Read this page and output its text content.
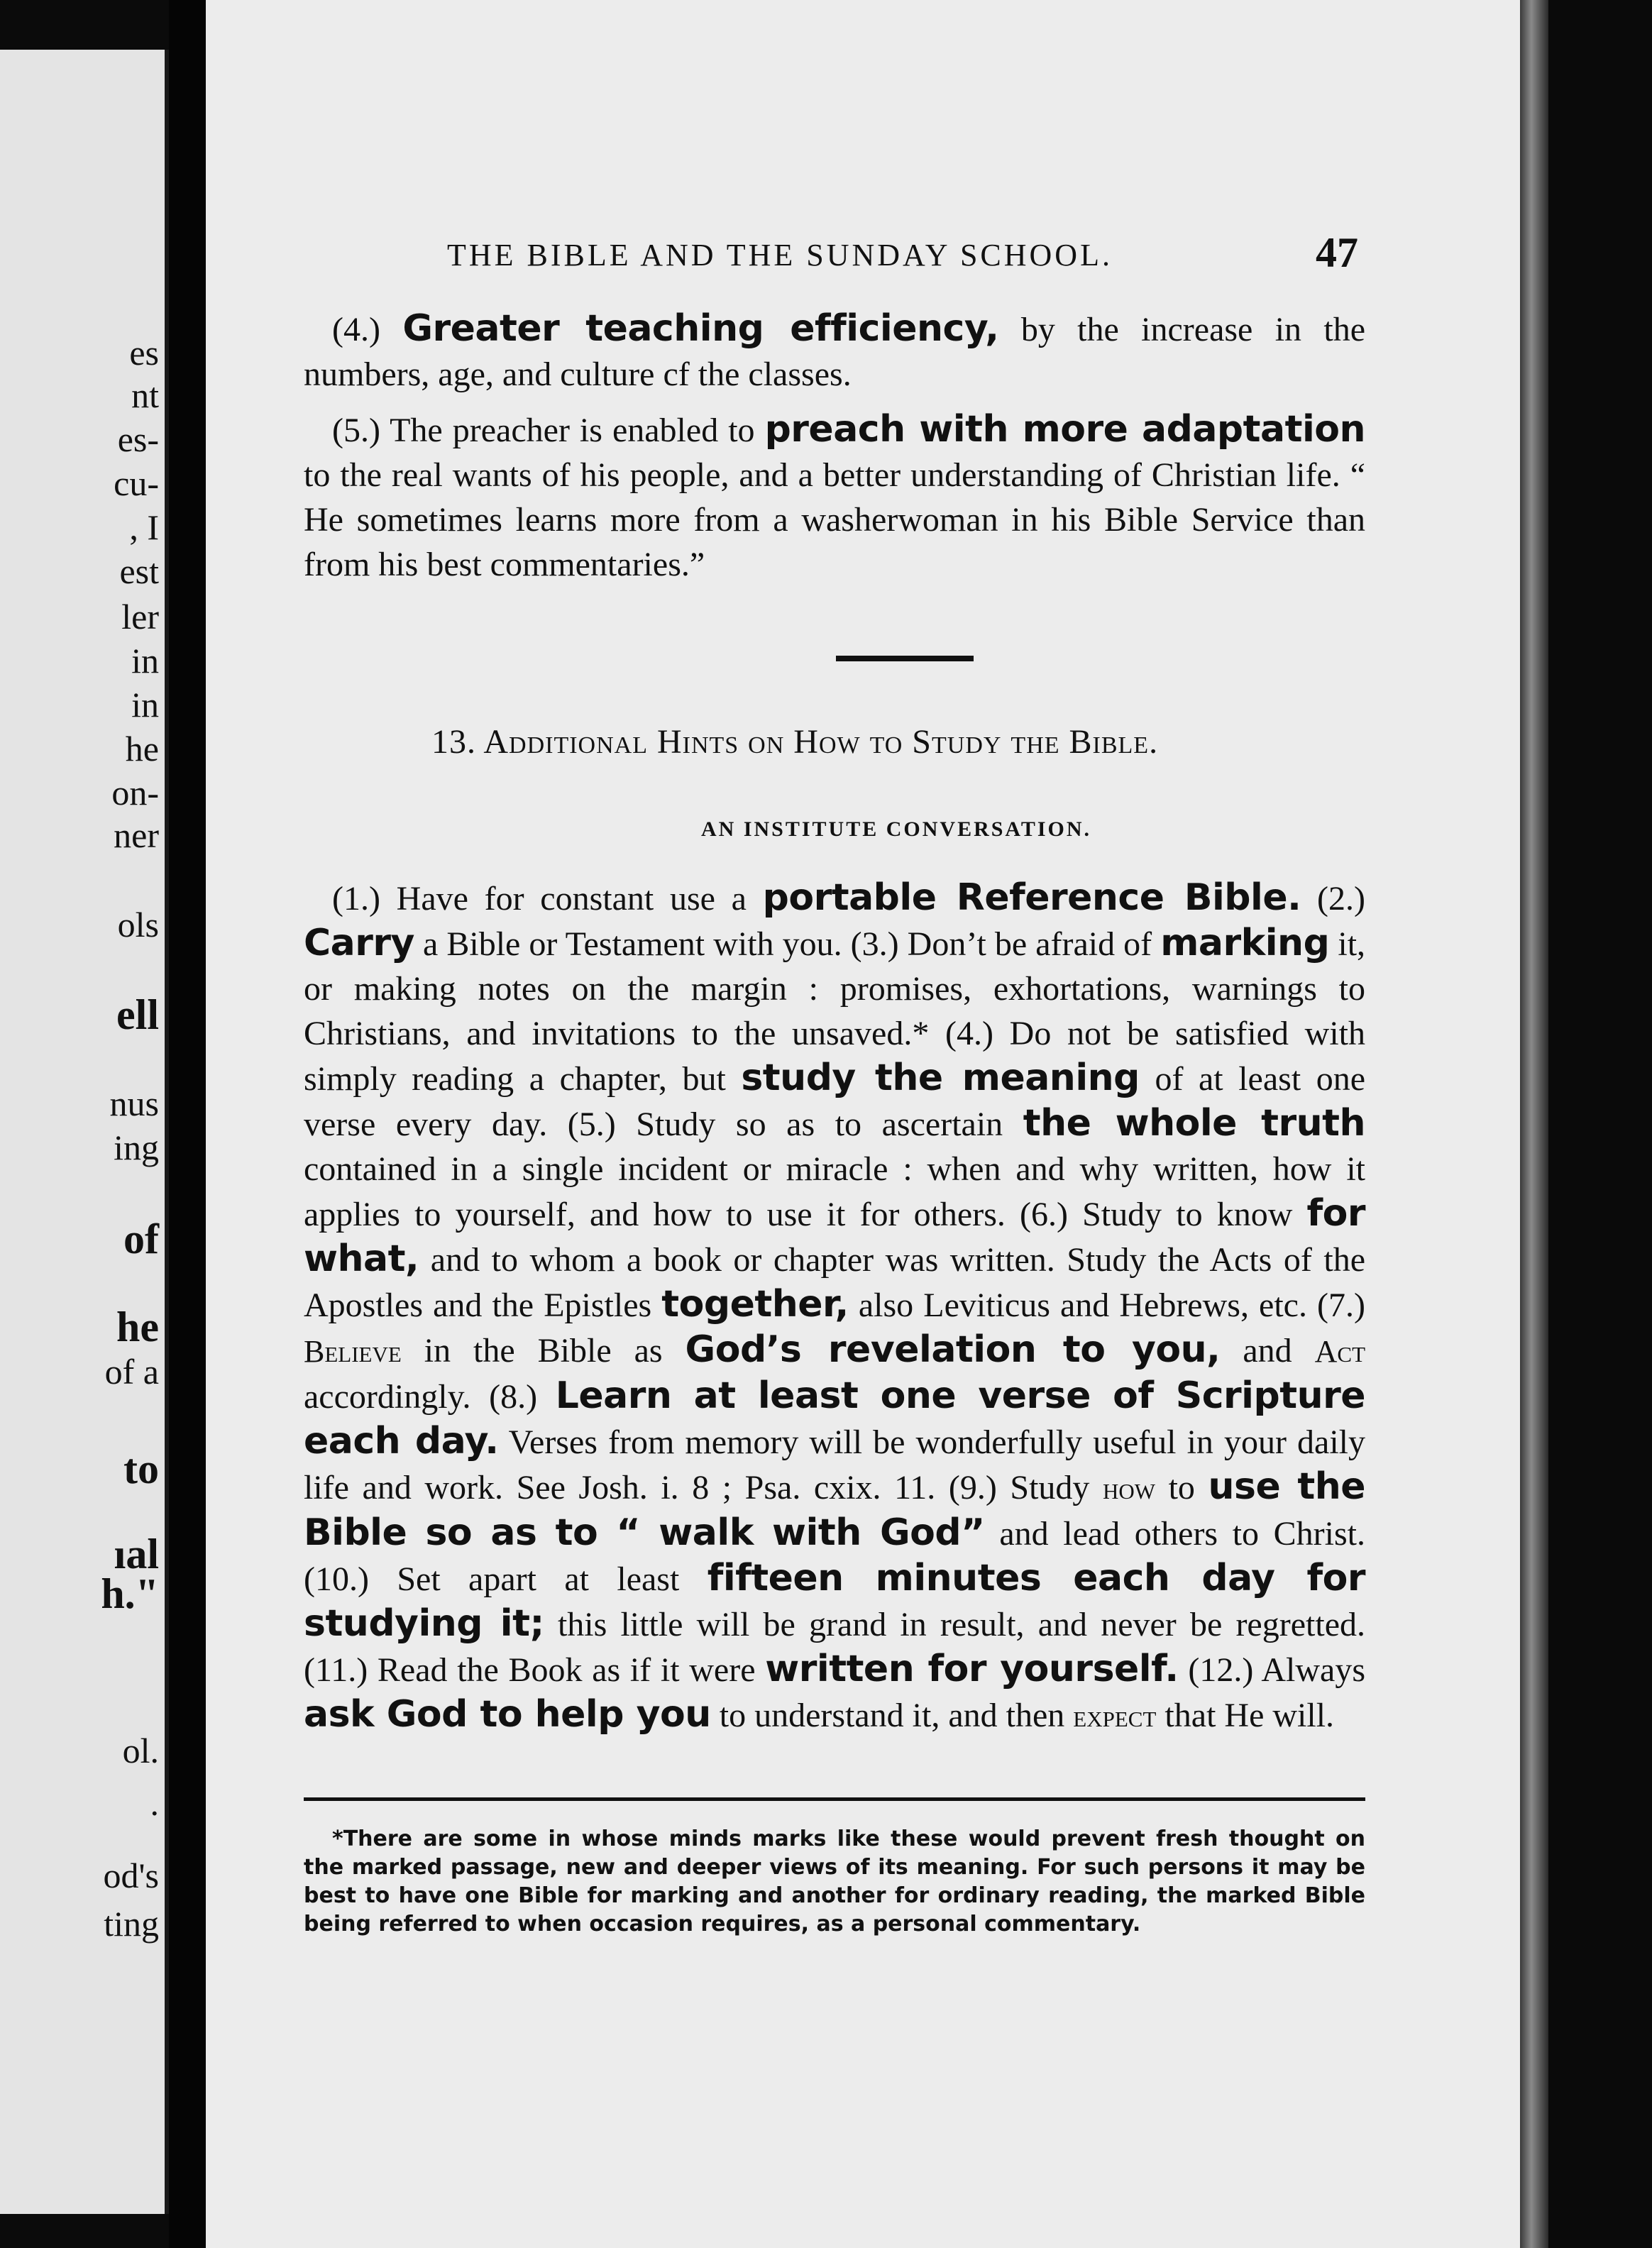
es
nt
es-
cu-
, I
est
ler
in
in
he
on-
ner
ols
ell
nus
ing
of
he
of a
to
ıal
h."
ol.
.
od's
ting
THE BIBLE AND THE SUNDAY SCHOOL.	47

(4.) Greater teaching efficiency, by the increase in the numbers, age, and culture cf the classes.

(5.) The preacher is enabled to preach with more adaptation to the real wants of his people, and a better understanding of Christian life. “ He sometimes learns more from a washerwoman in his Bible Service than from his best commentaries.”

13. Additional Hints on How to Study the Bible.
AN INSTITUTE CONVERSATION.

(1.) Have for constant use a portable Reference Bible. (2.) Carry a Bible or Testament with you. (3.) Don’t be afraid of marking it, or making notes on the margin : promises, exhortations, warnings to Christians, and invitations to the unsaved.* (4.) Do not be satisfied with simply reading a chapter, but study the meaning of at least one verse every day. (5.) Study so as to ascertain the whole truth contained in a single incident or miracle : when and why written, how it applies to yourself, and how to use it for others. (6.) Study to know for what, and to whom a book or chapter was written. Study the Acts of the Apostles and the Epistles together, also Leviticus and Hebrews, etc. (7.) Believe in the Bible as God’s revelation to you, and Act accordingly. (8.) Learn at least one verse of Scripture each day. Verses from memory will be wonderfully useful in your daily life and work. See Josh. i. 8 ; Psa. cxix. 11. (9.) Study how to use the Bible so as to “ walk with God” and lead others to Christ. (10.) Set apart at least fifteen minutes each day for studying it; this little will be grand in result, and never be regretted. (11.) Read the Book as if it were written for yourself. (12.) Always ask God to help you to understand it, and then expect that He will.

*There are some in whose minds marks like these would prevent fresh thought on the marked passage, new and deeper views of its meaning. For such persons it may be best to have one Bible for marking and another for ordinary reading, the marked Bible being referred to when occasion requires, as a personal commentary.
